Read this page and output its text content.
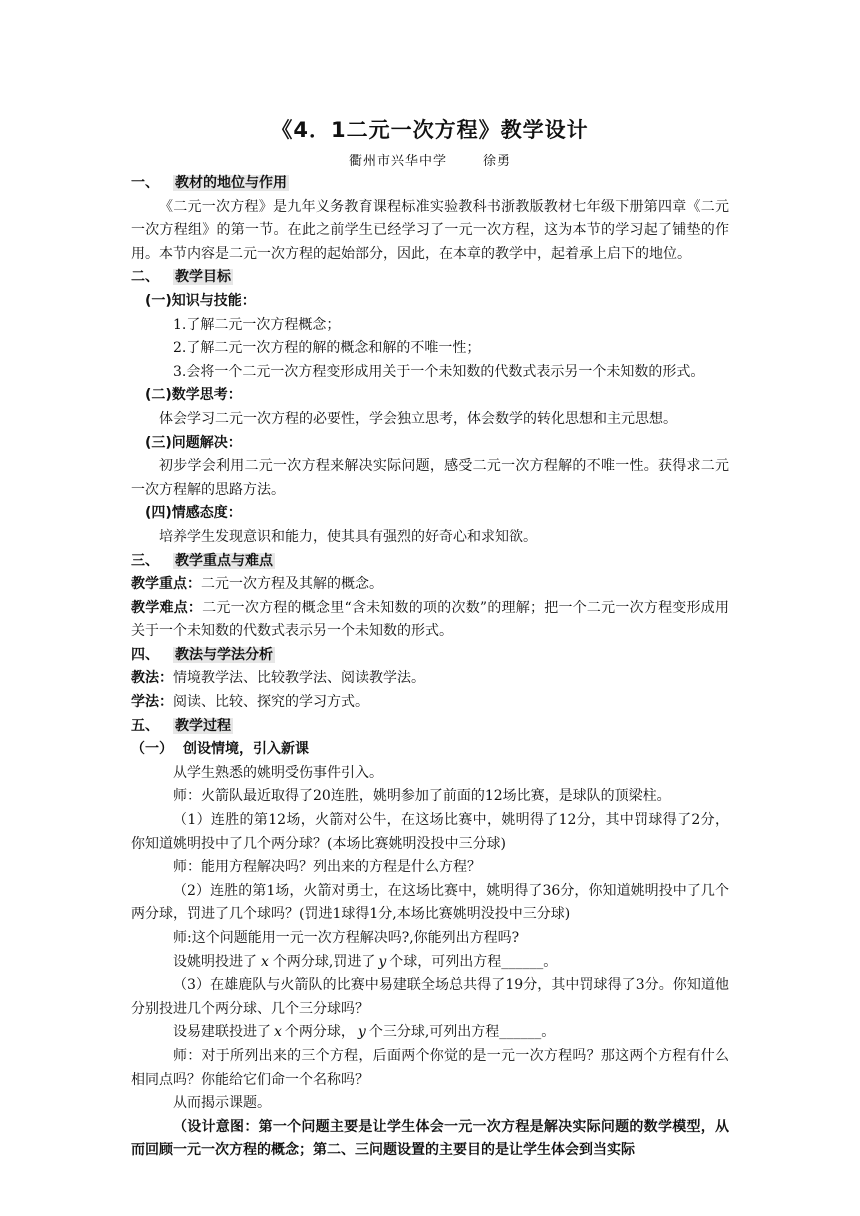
《4．1二元一次方程》教学设计
衢州市兴华中学	徐勇
一、 教材的地位与作用

《二元一次方程》是九年义务教育课程标准实验教科书浙教版教材七年级下册第四章《二元一次方程组》的第一节。在此之前学生已经学习了一元一次方程，这为本节的学习起了铺垫的作用。本节内容是二元一次方程的起始部分，因此，在本章的教学中，起着承上启下的地位。

二、 教学目标
(一)知识与技能：
1.了解二元一次方程概念；
2.了解二元一次方程的解的概念和解的不唯一性；
3.会将一个二元一次方程变形成用关于一个未知数的代数式表示另一个未知数的形式。
(二)数学思考：
体会学习二元一次方程的必要性，学会独立思考，体会数学的转化思想和主元思想。
(三)问题解决：

初步学会利用二元一次方程来解决实际问题，感受二元一次方程解的不唯一性。获得求二元一次方程解的思路方法。

(四)情感态度：
培养学生发现意识和能力，使其具有强烈的好奇心和求知欲。
三、 教学重点与难点
教学重点：二元一次方程及其解的概念。

教学难点：二元一次方程的概念里“含未知数的项的次数”的理解；把一个二元一次方程变形成用关于一个未知数的代数式表示另一个未知数的形式。

四、 教法与学法分析
教法：情境教学法、比较教学法、阅读教学法。
学法：阅读、比较、探究的学习方式。
五、 教学过程
（一） 创设情境，引入新课
从学生熟悉的姚明受伤事件引入。
师：火箭队最近取得了20连胜，姚明参加了前面的12场比赛，是球队的顶梁柱。

（1）连胜的第12场，火箭对公牛，在这场比赛中，姚明得了12分，其中罚球得了2分，你知道姚明投中了几个两分球？(本场比赛姚明没投中三分球)

师：能用方程解决吗？列出来的方程是什么方程？

（2）连胜的第1场，火箭对勇士，在这场比赛中，姚明得了36分，你知道姚明投中了几个两分球，罚进了几个球吗？(罚进1球得1分,本场比赛姚明没投中三分球)

师:这个问题能用一元一次方程解决吗?,你能列出方程吗?
设姚明投进了 x 个两分球,罚进了 y 个球，可列出方程______。

（3）在雄鹿队与火箭队的比赛中易建联全场总共得了19分，其中罚球得了3分。你知道他分别投进几个两分球、几个三分球吗？

设易建联投进了 x 个两分球， y 个三分球,可列出方程______。

师：对于所列出来的三个方程，后面两个你觉的是一元一次方程吗？那这两个方程有什么相同点吗？你能给它们命一个名称吗？

从而揭示课题。

（设计意图：第一个问题主要是让学生体会一元一次方程是解决实际问题的数学模型，从而回顾一元一次方程的概念；第二、三问题设置的主要目的是让学生体会到当实际
